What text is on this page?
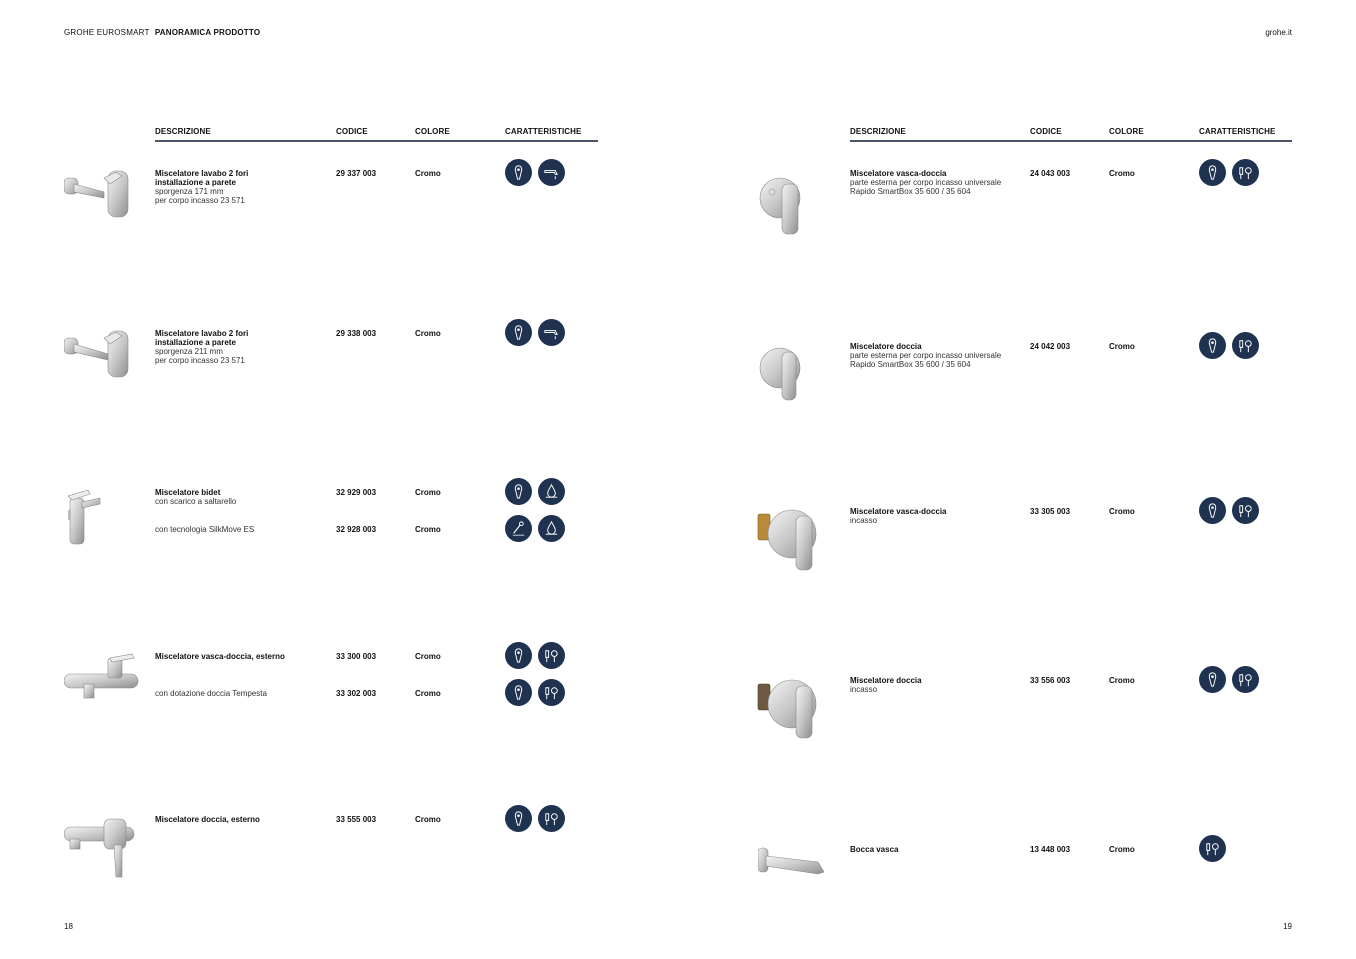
GROHE EUROSMART PANORAMICA PRODOTTO	grohe.it
DESCRIZIONE	CODICE	COLORE	CARATTERISTICHE	DESCRIZIONE	CODICE	COLORE	CARATTERISTICHE
Miscelatore lavabo 2 fori
installazione a parete
sporgenza 171 mm
per corpo incasso 23 571
29 337 003	Cromo
Miscelatore lavabo 2 fori
installazione a parete
sporgenza 211 mm
per corpo incasso 23 571
29 338 003	Cromo
Miscelatore bidet
con scarico a saltarello
32 929 003	Cromo
con tecnologia SilkMove ES	32 928 003	Cromo
Miscelatore vasca-doccia, esterno	33 300 003	Cromo
con dotazione doccia Tempesta	33 302 003	Cromo
Miscelatore doccia, esterno	33 555 003	Cromo
Miscelatore vasca-doccia
parte esterna per corpo incasso universale
Rapido SmartBox 35 600 / 35 604
24 043 003	Cromo
Miscelatore doccia
parte esterna per corpo incasso universale
Rapido SmartBox 35 600 / 35 604
24 042 003	Cromo
Miscelatore vasca-doccia
incasso
33 305 003	Cromo
Miscelatore doccia
incasso
33 556 003	Cromo
Bocca vasca	13 448 003	Cromo
18	19
